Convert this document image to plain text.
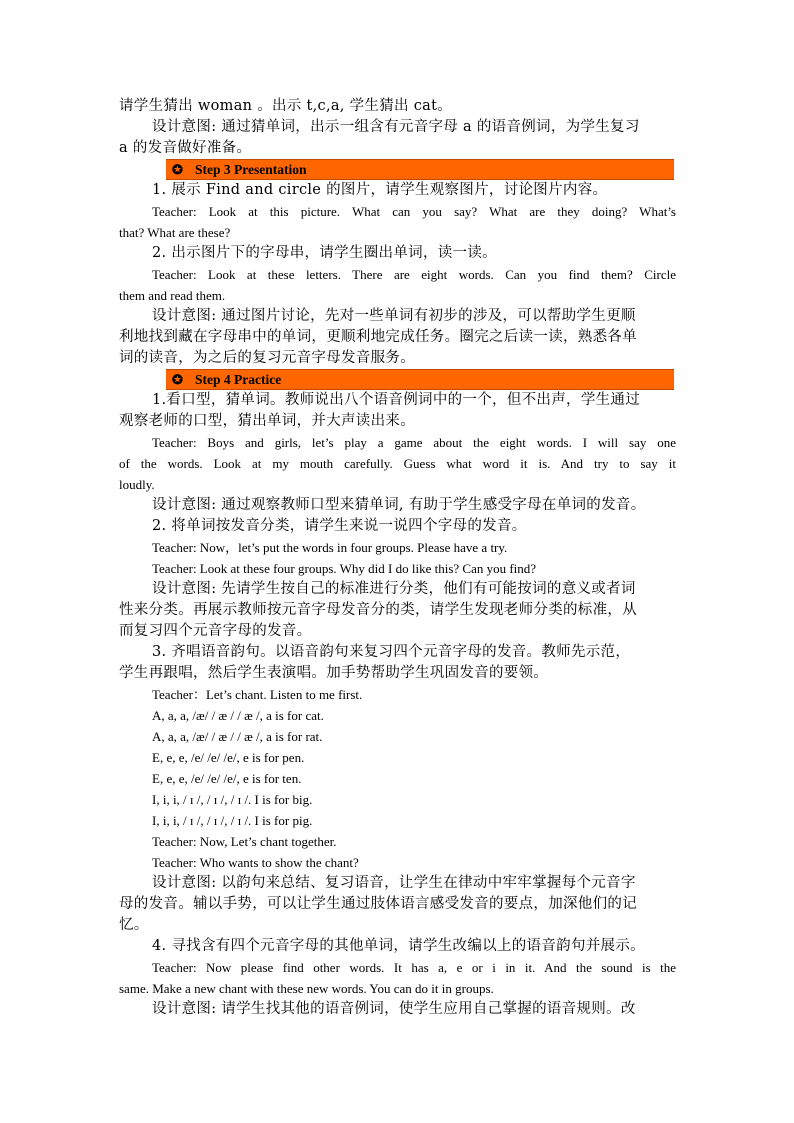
请学生猜出 woman 。出示 t,c,a, 学生猜出 cat。

设计意图: 通过猜单词，出示一组含有元音字母 a 的语音例词，为学生复习

a 的发音做好准备。

✪ Step 3 Presentation

1. 展示 Find and circle 的图片，请学生观察图片，讨论图片内容。

Teacher: Look at this picture. What can you say? What are they doing? What’s

that? What are these?

2. 出示图片下的字母串，请学生圈出单词，读一读。

Teacher: Look at these letters. There are eight words. Can you find them? Circle

them and read them.

设计意图: 通过图片讨论，先对一些单词有初步的涉及，可以帮助学生更顺

利地找到藏在字母串中的单词，更顺利地完成任务。圈完之后读一读，熟悉各单

词的读音，为之后的复习元音字母发音服务。

✪ Step 4 Practice

1.看口型，猜单词。教师说出八个语音例词中的一个，但不出声，学生通过

观察老师的口型，猜出单词，并大声读出来。

Teacher: Boys and girls, let’s play a game about the eight words. I will say one

of the words. Look at my mouth carefully. Guess what word it is. And try to say it

loudly.

设计意图: 通过观察教师口型来猜单词, 有助于学生感受字母在单词的发音。

2. 将单词按发音分类，请学生来说一说四个字母的发音。

Teacher: Now，let’s put the words in four groups. Please have a try.

Teacher: Look at these four groups. Why did I do like this? Can you find?

设计意图: 先请学生按自己的标准进行分类，他们有可能按词的意义或者词

性来分类。再展示教师按元音字母发音分的类，请学生发现老师分类的标准，从

而复习四个元音字母的发音。

3. 齐唱语音韵句。以语音韵句来复习四个元音字母的发音。教师先示范，

学生再跟唱，然后学生表演唱。加手势帮助学生巩固发音的要领。

Teacher：Let’s chant. Listen to me first.

A, a, a, /æ/ / æ / / æ /, a is for cat.

A, a, a, /æ/ / æ / / æ /, a is for rat.

E, e, e, /e/ /e/ /e/, e is for pen.

E, e, e, /e/ /e/ /e/, e is for ten.

I, i, i, / ɪ /, / ɪ /, / ɪ /. I is for big.

I, i, i, / ɪ /, / ɪ /, / ɪ /. I is for pig.

Teacher: Now, Let’s chant together.

Teacher: Who wants to show the chant?

设计意图: 以韵句来总结、复习语音，让学生在律动中牢牢掌握每个元音字

母的发音。辅以手势，可以让学生通过肢体语言感受发音的要点，加深他们的记

忆。

4. 寻找含有四个元音字母的其他单词，请学生改编以上的语音韵句并展示。

Teacher: Now please find other words. It has a, e or i in it. And the sound is the

same. Make a new chant with these new words. You can do it in groups.

设计意图: 请学生找其他的语音例词，使学生应用自己掌握的语音规则。改
